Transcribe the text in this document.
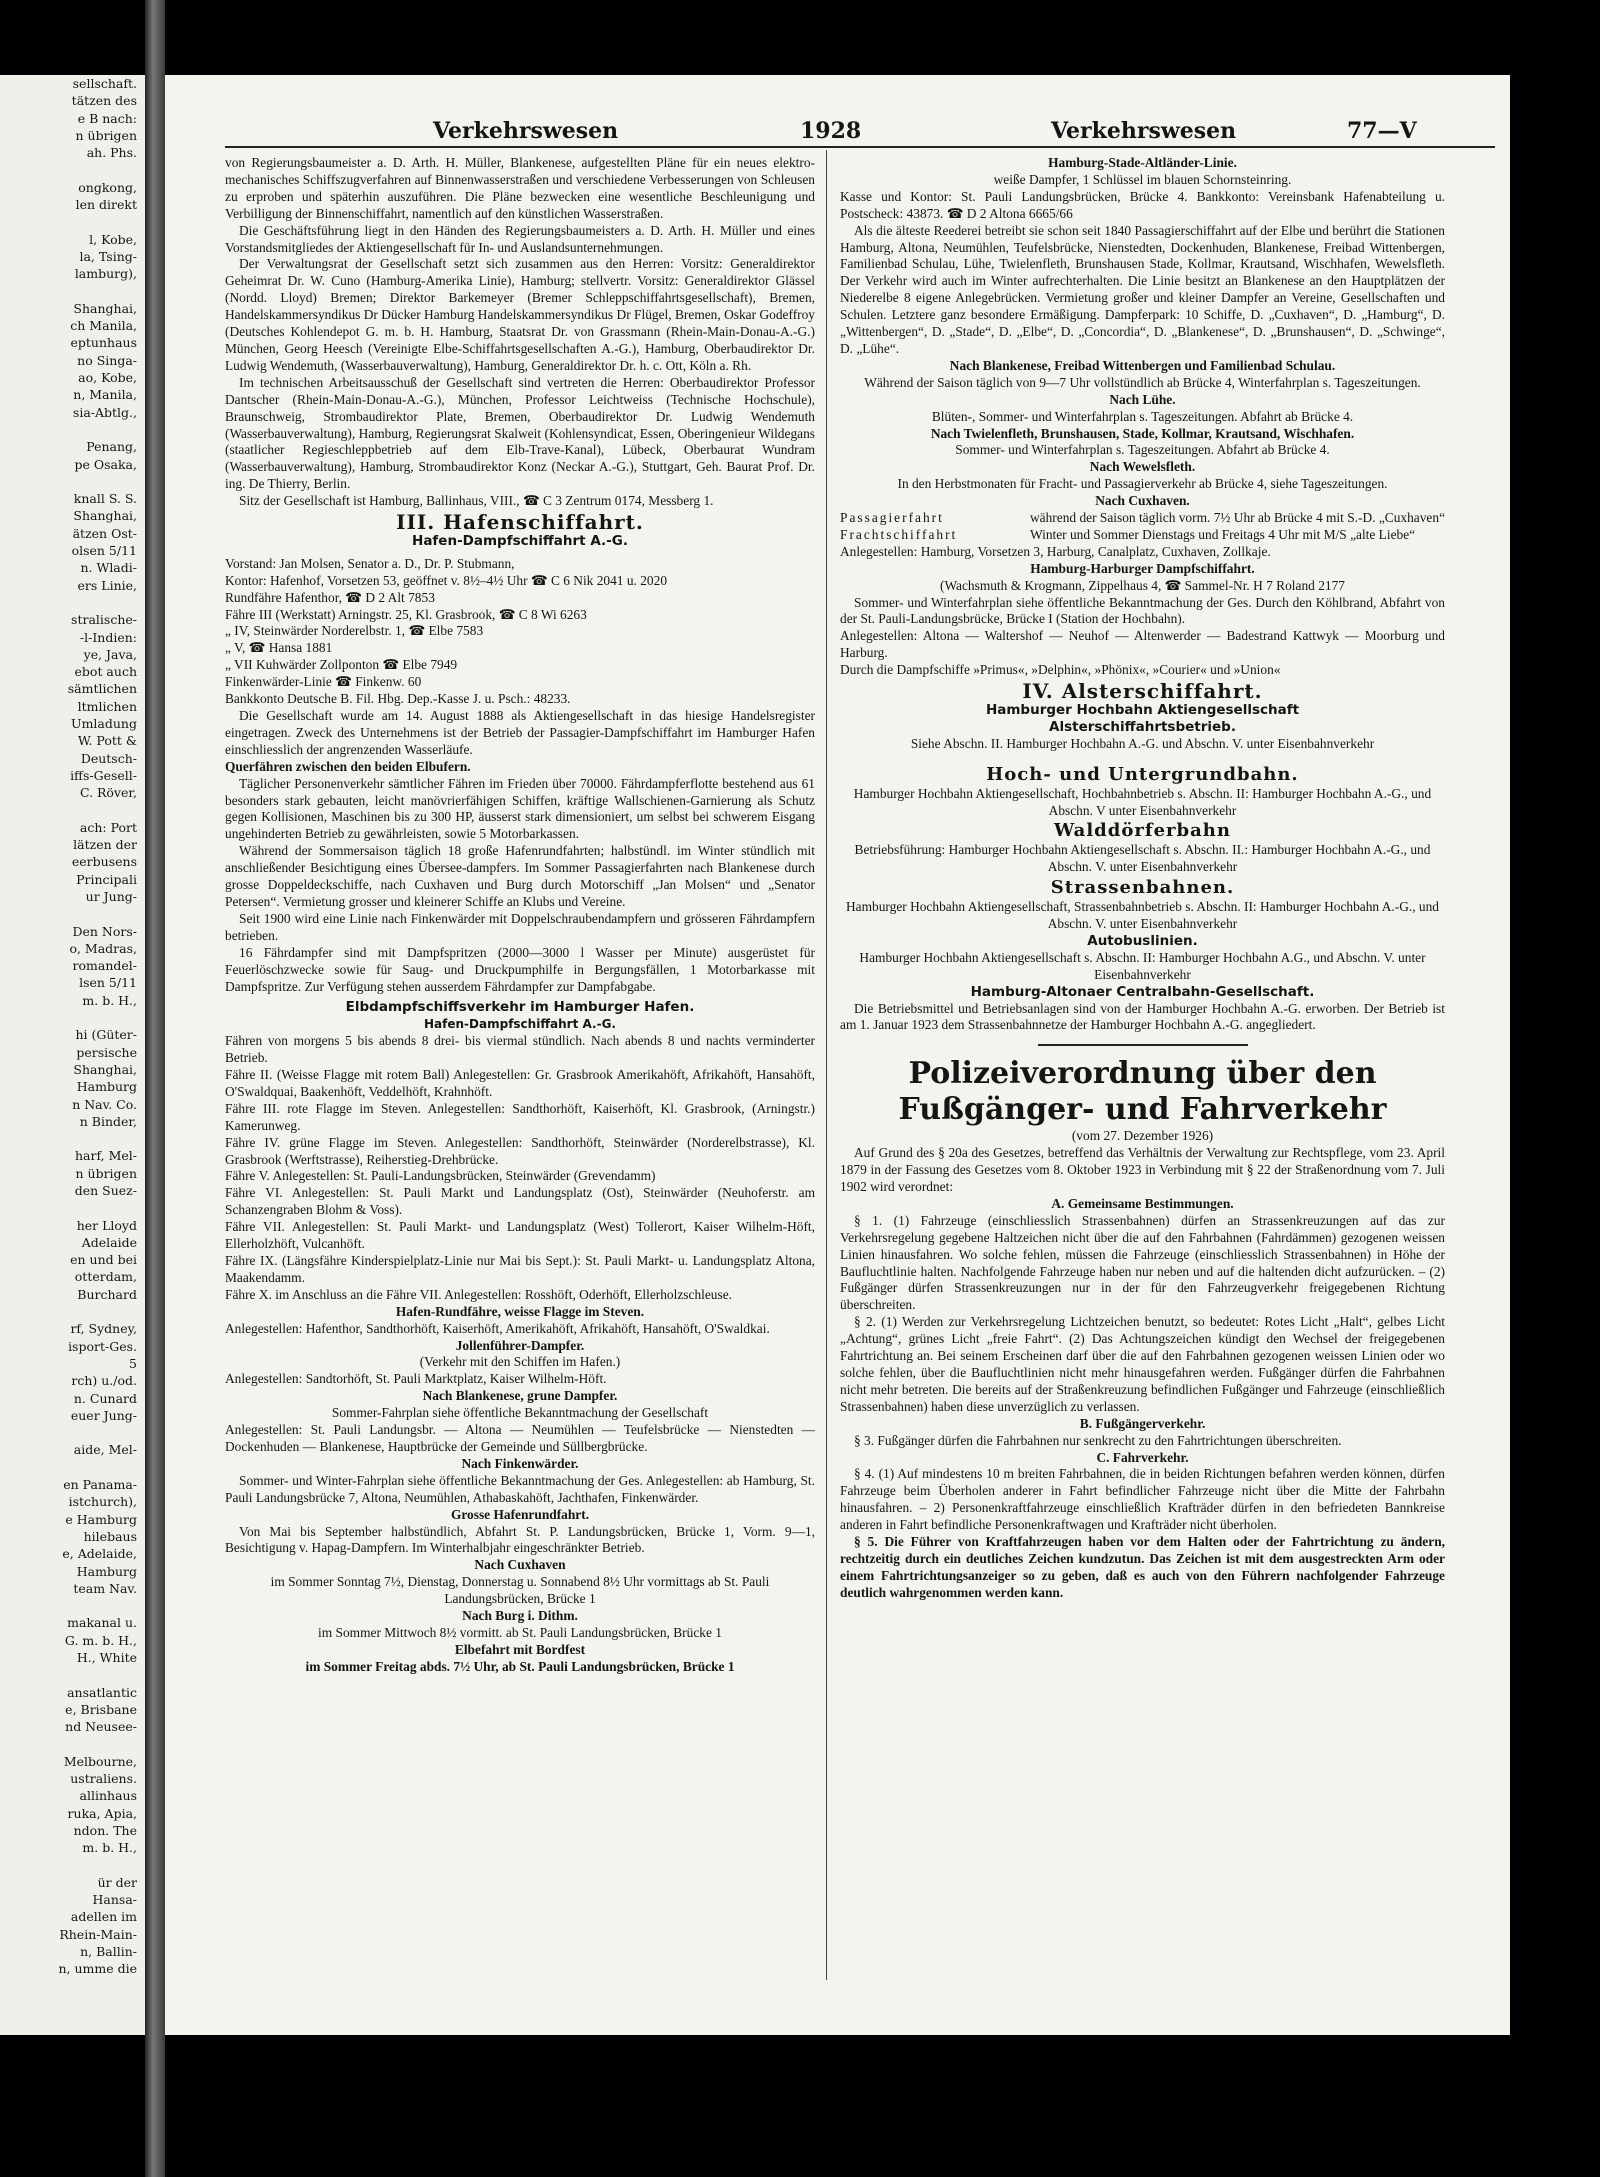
sellschaft.
tätzen des
e B nach:
n übrigen
ah. Phs.

ongkong,
len direkt

l, Kobe,
la, Tsing-
lamburg),

Shanghai,
ch Manila,
eptunhaus
no Singa-
ao, Kobe,
n, Manila,
sia-Abtlg.,

Penang,
pe Osaka,

knall S. S.
Shanghai,
ätzen Ost-
olsen 5/11
n. Wladi-
ers Linie,

stralische-
-l-Indien:
ye, Java,
ebot auch
sämtlichen
ltmlichen
Umladung
W. Pott &
Deutsch-
iffs-Gesell-
C. Röver,

ach: Port
lätzen der
eerbusens
Principali
ur Jung-

Den Nors-
o, Madras,
romandel-
lsen 5/11
m. b. H.,

hi (Güter-
persische
Shanghai,
Hamburg
n Nav. Co.
n Binder,

harf, Mel-
n übrigen
den Suez-

her Lloyd
Adelaide
en und bei
otterdam,
Burchard

rf, Sydney,
isport-Ges.
5
rch) u./od.
n. Cunard
euer Jung-

aide, Mel-

en Panama-
istchurch),
e Hamburg
hilebaus
e, Adelaide,
Hamburg
team Nav.

makanal u.
G. m. b. H.,
H., White

ansatlantic
e, Brisbane
nd Neusee-

Melbourne,
ustraliens.
allinhaus
ruka, Apia,
ndon. The
m. b. H.,

ür der
Hansa-
adellen im
Rhein-Main-
n, Ballin-
n, umme die
Verkehrswesen	1928	Verkehrswesen	77—V

von Regierungsbaumeister a. D. Arth. H. Müller, Blankenese, aufgestellten Pläne für ein neues elektro-mechanisches Schiffszugverfahren auf Binnenwasserstraßen und verschiedene Verbesserungen von Schleusen zu erproben und späterhin auszuführen. Die Pläne bezwecken eine wesentliche Beschleunigung und Verbilligung der Binnenschiffahrt, namentlich auf den künstlichen Wasserstraßen.

Die Geschäftsführung liegt in den Händen des Regierungsbaumeisters a. D. Arth. H. Müller und eines Vorstandsmitgliedes der Aktiengesellschaft für In- und Auslandsunternehmungen.

Der Verwaltungsrat der Gesellschaft setzt sich zusammen aus den Herren: Vorsitz: Generaldirektor Geheimrat Dr. W. Cuno (Hamburg-Amerika Linie), Hamburg; stellvertr. Vorsitz: Generaldirektor Glässel (Nordd. Lloyd) Bremen; Direktor Barkemeyer (Bremer Schleppschiffahrtsgesellschaft), Bremen, Handelskammersyndikus Dr Dücker Hamburg Handelskammersyndikus Dr Flügel, Bremen, Oskar Godeffroy (Deutsches Kohlendepot G. m. b. H. Hamburg, Staatsrat Dr. von Grassmann (Rhein-Main-Donau-A.-G.) München, Georg Heesch (Vereinigte Elbe-Schiffahrtsgesellschaften A.-G.), Hamburg, Oberbaudirektor Dr. Ludwig Wendemuth, (Wasserbauverwaltung), Hamburg, Generaldirektor Dr. h. c. Ott, Köln a. Rh.

Im technischen Arbeitsausschuß der Gesellschaft sind vertreten die Herren: Oberbaudirektor Professor Dantscher (Rhein-Main-Donau-A.-G.), München, Professor Leichtweiss (Technische Hochschule), Braunschweig, Strombaudirektor Plate, Bremen, Oberbaudirektor Dr. Ludwig Wendemuth (Wasserbauverwaltung), Hamburg, Regierungsrat Skalweit (Kohlensyndicat, Essen, Oberingenieur Wildegans (staatlicher Regieschleppbetrieb auf dem Elb-Trave-Kanal), Lübeck, Oberbaurat Wundram (Wasserbauverwaltung), Hamburg, Strombaudirektor Konz (Neckar A.-G.), Stuttgart, Geh. Baurat Prof. Dr. ing. De Thierry, Berlin.

Sitz der Gesellschaft ist Hamburg, Ballinhaus, VIII., ☎ C 3 Zentrum 0174, Messberg 1.

III. Hafenschiffahrt.
Hafen-Dampfschiffahrt A.-G.

Vorstand: Jan Molsen, Senator a. D., Dr. P. Stubmann,

Kontor: Hafenhof, Vorsetzen 53, geöffnet v. 8½–4½ Uhr ☎ C 6 Nik 2041 u. 2020

Rundfähre Hafenthor, ☎ D 2 Alt 7853

Fähre III (Werkstatt) Arningstr. 25, Kl. Grasbrook, ☎ C 8 Wi 6263

„ IV, Steinwärder Norderelbstr. 1, ☎ Elbe 7583

„ V, ☎ Hansa 1881

„ VII Kuhwärder Zollponton ☎ Elbe 7949

Finkenwärder-Linie ☎ Finkenw. 60

Bankkonto Deutsche B. Fil. Hbg. Dep.-Kasse J. u. Psch.: 48233.

Die Gesellschaft wurde am 14. August 1888 als Aktiengesellschaft in das hiesige Handelsregister eingetragen. Zweck des Unternehmens ist der Betrieb der Passagier-Dampfschiffahrt im Hamburger Hafen einschliesslich der angrenzenden Wasserläufe.

Querfähren zwischen den beiden Elbufern.

Täglicher Personenverkehr sämtlicher Fähren im Frieden über 70000. Fährdampferflotte bestehend aus 61 besonders stark gebauten, leicht manövrierfähigen Schiffen, kräftige Wallschienen-Garnierung als Schutz gegen Kollisionen, Maschinen bis zu 300 HP, äusserst stark dimensioniert, um selbst bei schwerem Eisgang ungehinderten Betrieb zu gewährleisten, sowie 5 Motorbarkassen.

Während der Sommersaison täglich 18 große Hafenrundfahrten; halbstündl. im Winter stündlich mit anschließender Besichtigung eines Übersee-dampfers. Im Sommer Passagierfahrten nach Blankenese durch grosse Doppeldeckschiffe, nach Cuxhaven und Burg durch Motorschiff „Jan Molsen“ und „Senator Petersen“. Vermietung grosser und kleinerer Schiffe an Klubs und Vereine.

Seit 1900 wird eine Linie nach Finkenwärder mit Doppelschraubendampfern und grösseren Fährdampfern betrieben.

16 Fährdampfer sind mit Dampfspritzen (2000—3000 l Wasser per Minute) ausgerüstet für Feuerlöschzwecke sowie für Saug- und Druckpumphilfe in Bergungsfällen, 1 Motorbarkasse mit Dampfspritze. Zur Verfügung stehen ausserdem Fährdampfer zur Dampfabgabe.

Elbdampfschiffsverkehr im Hamburger Hafen.
Hafen-Dampfschiffahrt A.-G.

Fähren von morgens 5 bis abends 8 drei- bis viermal stündlich. Nach abends 8 und nachts verminderter Betrieb.

Fähre II. (Weisse Flagge mit rotem Ball) Anlegestellen: Gr. Grasbrook Amerikahöft, Afrikahöft, Hansahöft, O'Swaldquai, Baakenhöft, Veddelhöft, Krahnhöft.

Fähre III. rote Flagge im Steven. Anlegestellen: Sandthorhöft, Kaiserhöft, Kl. Grasbrook, (Arningstr.) Kamerunweg.

Fähre IV. grüne Flagge im Steven. Anlegestellen: Sandthorhöft, Steinwärder (Norderelbstrasse), Kl. Grasbrook (Werftstrasse), Reiherstieg-Drehbrücke.

Fähre V. Anlegestellen: St. Pauli-Landungsbrücken, Steinwärder (Grevendamm)

Fähre VI. Anlegestellen: St. Pauli Markt und Landungsplatz (Ost), Steinwärder (Neuhoferstr. am Schanzengraben Blohm & Voss).

Fähre VII. Anlegestellen: St. Pauli Markt- und Landungsplatz (West) Tollerort, Kaiser Wilhelm-Höft, Ellerholzhöft, Vulcanhöft.

Fähre IX. (Längsfähre Kinderspielplatz-Linie nur Mai bis Sept.): St. Pauli Markt- u. Landungsplatz Altona, Maakendamm.

Fähre X. im Anschluss an die Fähre VII. Anlegestellen: Rosshöft, Oderhöft, Ellerholzschleuse.

Hafen-Rundfähre, weisse Flagge im Steven.

Anlegestellen: Hafenthor, Sandthorhöft, Kaiserhöft, Amerikahöft, Afrikahöft, Hansahöft, O'Swaldkai.

Jollenführer-Dampfer.

(Verkehr mit den Schiffen im Hafen.)

Anlegestellen: Sandtorhöft, St. Pauli Marktplatz, Kaiser Wilhelm-Höft.

Nach Blankenese, grune Dampfer.

Sommer-Fahrplan siehe öffentliche Bekanntmachung der Gesellschaft

Anlegestellen: St. Pauli Landungsbr. — Altona — Neumühlen — Teufelsbrücke — Nienstedten — Dockenhuden — Blankenese, Hauptbrücke der Gemeinde und Süllbergbrücke.

Nach Finkenwärder.

Sommer- und Winter-Fahrplan siehe öffentliche Bekanntmachung der Ges. Anlegestellen: ab Hamburg, St. Pauli Landungsbrücke 7, Altona, Neumühlen, Athabaskahöft, Jachthafen, Finkenwärder.

Grosse Hafenrundfahrt.

Von Mai bis September halbstündlich, Abfahrt St. P. Landungsbrücken, Brücke 1, Vorm. 9—1, Besichtigung v. Hapag-Dampfern. Im Winterhalbjahr eingeschränkter Betrieb.

Nach Cuxhaven

im Sommer Sonntag 7½, Dienstag, Donnerstag u. Sonnabend 8½ Uhr vormittags ab St. Pauli Landungsbrücken, Brücke 1

Nach Burg i. Dithm.

im Sommer Mittwoch 8½ vormitt. ab St. Pauli Landungsbrücken, Brücke 1

Elbefahrt mit Bordfest

im Sommer Freitag abds. 7½ Uhr, ab St. Pauli Landungsbrücken, Brücke 1

Hamburg-Stade-Altländer-Linie.

weiße Dampfer, 1 Schlüssel im blauen Schornsteinring.

Kasse und Kontor: St. Pauli Landungsbrücken, Brücke 4. Bankkonto: Vereinsbank Hafenabteilung u. Postscheck: 43873. ☎ D 2 Altona 6665/66

Als die älteste Reederei betreibt sie schon seit 1840 Passagierschiffahrt auf der Elbe und berührt die Stationen Hamburg, Altona, Neumühlen, Teufelsbrücke, Nienstedten, Dockenhuden, Blankenese, Freibad Wittenbergen, Familienbad Schulau, Lühe, Twielenfleth, Brunshausen Stade, Kollmar, Krautsand, Wischhafen, Wewelsfleth. Der Verkehr wird auch im Winter aufrechterhalten. Die Linie besitzt an Blankenese an den Hauptplätzen der Niederelbe 8 eigene Anlegebrücken. Vermietung großer und kleiner Dampfer an Vereine, Gesellschaften und Schulen. Letztere ganz besondere Ermäßigung. Dampferpark: 10 Schiffe, D. „Cuxhaven“, D. „Hamburg“, D. „Wittenbergen“, D. „Stade“, D. „Elbe“, D. „Concordia“, D. „Blankenese“, D. „Brunshausen“, D. „Schwinge“, D. „Lühe“.

Nach Blankenese, Freibad Wittenbergen und Familienbad Schulau.

Während der Saison täglich von 9—7 Uhr vollstündlich ab Brücke 4, Winterfahrplan s. Tageszeitungen.

Nach Lühe.

Blüten-, Sommer- und Winterfahrplan s. Tageszeitungen. Abfahrt ab Brücke 4.

Nach Twielenfleth, Brunshausen, Stade, Kollmar, Krautsand, Wischhafen.

Sommer- und Winterfahrplan s. Tageszeitungen. Abfahrt ab Brücke 4.

Nach Wewelsfleth.

In den Herbstmonaten für Fracht- und Passagierverkehr ab Brücke 4, siehe Tageszeitungen.

Nach Cuxhaven.

Passagierfahrt	während der Saison täglich vorm. 7½ Uhr ab Brücke 4 mit S.-D. „Cuxhaven“
Frachtschiffahrt	Winter und Sommer Dienstags und Freitags 4 Uhr mit M/S „alte Liebe“

Anlegestellen: Hamburg, Vorsetzen 3, Harburg, Canalplatz, Cuxhaven, Zollkaje.

Hamburg-Harburger Dampfschiffahrt.

(Wachsmuth & Krogmann, Zippelhaus 4, ☎ Sammel-Nr. H 7 Roland 2177

Sommer- und Winterfahrplan siehe öffentliche Bekanntmachung der Ges. Durch den Köhlbrand, Abfahrt von der St. Pauli-Landungsbrücke, Brücke I (Station der Hochbahn).

Anlegestellen: Altona — Waltershof — Neuhof — Altenwerder — Badestrand Kattwyk — Moorburg und Harburg.

Durch die Dampfschiffe »Primus«, »Delphin«, »Phönix«, »Courier« und »Union«

IV. Alsterschiffahrt.
Hamburger Hochbahn Aktiengesellschaft
Alsterschiffahrtsbetrieb.

Siehe Abschn. II. Hamburger Hochbahn A.-G. und Abschn. V. unter Eisenbahnverkehr

Hoch- und Untergrundbahn.

Hamburger Hochbahn Aktiengesellschaft, Hochbahnbetrieb s. Abschn. II: Hamburger Hochbahn A.-G., und Abschn. V unter Eisenbahnverkehr

Walddörferbahn

Betriebsführung: Hamburger Hochbahn Aktiengesellschaft s. Abschn. II.: Hamburger Hochbahn A.-G., und Abschn. V. unter Eisenbahnverkehr

Strassenbahnen.

Hamburger Hochbahn Aktiengesellschaft, Strassenbahnbetrieb s. Abschn. II: Hamburger Hochbahn A.-G., und Abschn. V. unter Eisenbahnverkehr

Autobuslinien.

Hamburger Hochbahn Aktiengesellschaft s. Abschn. II: Hamburger Hochbahn A.G., und Abschn. V. unter Eisenbahnverkehr

Hamburg-Altonaer Centralbahn-Gesellschaft.

Die Betriebsmittel und Betriebsanlagen sind von der Hamburger Hochbahn A.-G. erworben. Der Betrieb ist am 1. Januar 1923 dem Strassenbahnnetze der Hamburger Hochbahn A.-G. angegliedert.

Polizeiverordnung über den

Fußgänger- und Fahrverkehr

(vom 27. Dezember 1926)

Auf Grund des § 20a des Gesetzes, betreffend das Verhältnis der Verwaltung zur Rechtspflege, vom 23. April 1879 in der Fassung des Gesetzes vom 8. Oktober 1923 in Verbindung mit § 22 der Straßenordnung vom 7. Juli 1902 wird verordnet:

A. Gemeinsame Bestimmungen.

§ 1. (1) Fahrzeuge (einschliesslich Strassenbahnen) dürfen an Strassenkreuzungen auf das zur Verkehrsregelung gegebene Haltzeichen nicht über die auf den Fahrbahnen (Fahrdämmen) gezogenen weissen Linien hinausfahren. Wo solche fehlen, müssen die Fahrzeuge (einschliesslich Strassenbahnen) in Höhe der Baufluchtlinie halten. Nachfolgende Fahrzeuge haben nur neben und auf die haltenden dicht aufzurücken. – (2) Fußgänger dürfen Strassenkreuzungen nur in der für den Fahrzeugverkehr freigegebenen Richtung überschreiten.

§ 2. (1) Werden zur Verkehrsregelung Lichtzeichen benutzt, so bedeutet: Rotes Licht „Halt“, gelbes Licht „Achtung“, grünes Licht „freie Fahrt“. (2) Das Achtungszeichen kündigt den Wechsel der freigegebenen Fahrtrichtung an. Bei seinem Erscheinen darf über die auf den Fahrbahnen gezogenen weissen Linien oder wo solche fehlen, über die Baufluchtlinien nicht mehr hinausgefahren werden. Fußgänger dürfen die Fahrbahnen nicht mehr betreten. Die bereits auf der Straßenkreuzung befindlichen Fußgänger und Fahrzeuge (einschließlich Strassenbahnen) haben diese unverzüglich zu verlassen.

B. Fußgängerverkehr.

§ 3. Fußgänger dürfen die Fahrbahnen nur senkrecht zu den Fahrtrichtungen überschreiten.

C. Fahrverkehr.

§ 4. (1) Auf mindestens 10 m breiten Fahrbahnen, die in beiden Richtungen befahren werden können, dürfen Fahrzeuge beim Überholen anderer in Fahrt befindlicher Fahrzeuge nicht über die Mitte der Fahrbahn hinausfahren. – 2) Personenkraftfahrzeuge einschließlich Krafträder dürfen in den befriedeten Bannkreise anderen in Fahrt befindliche Personenkraftwagen und Krafträder nicht überholen.

§ 5. Die Führer von Kraftfahrzeugen haben vor dem Halten oder der Fahrtrichtung zu ändern, rechtzeitig durch ein deutliches Zeichen kundzutun. Das Zeichen ist mit dem ausgestreckten Arm oder einem Fahrtrichtungsanzeiger so zu geben, daß es auch von den Führern nachfolgender Fahrzeuge deutlich wahrgenommen werden kann.
